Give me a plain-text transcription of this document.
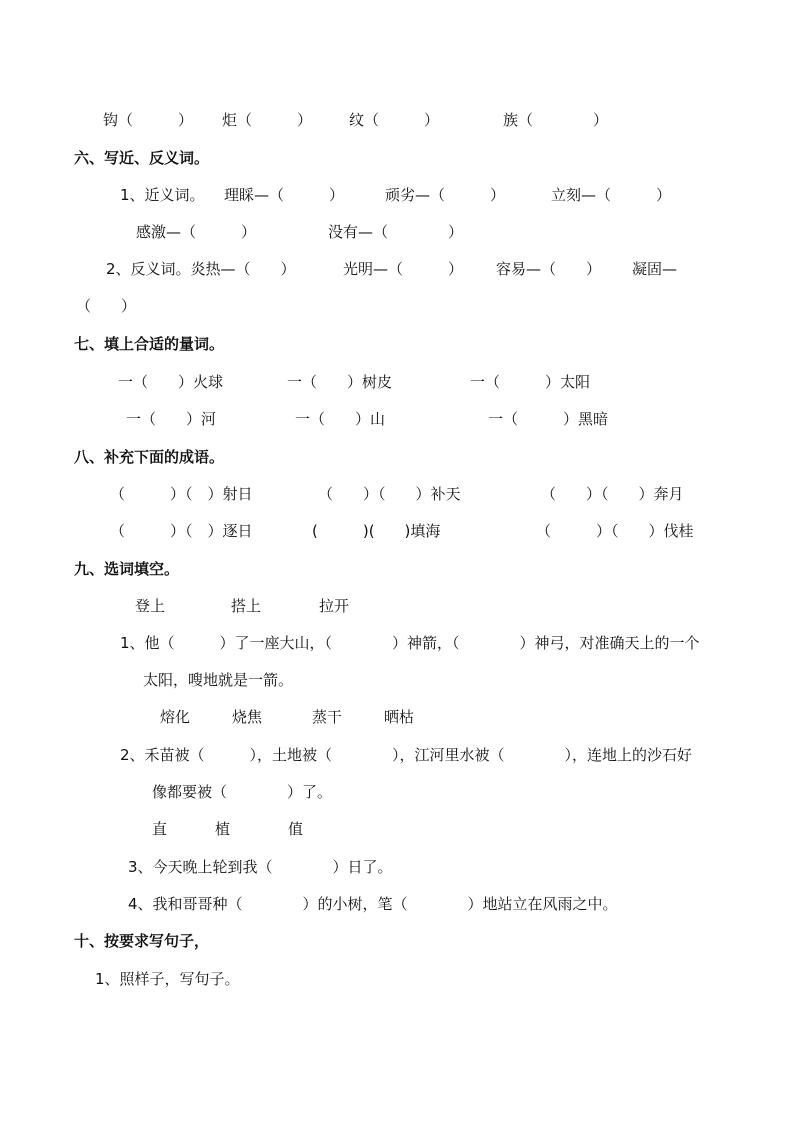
钩（　　　）

炬（　　　）

纹（　　　）

	族（　　　　）

六、写近、反义词。

1、近义词。

理睬—（　　　）

	顽劣—（　　　）

	立刻—（　　　）

感激—（　　　）

	没有—（　　　　）

2、反义词。炎热—（　　）

	光明—（　　　）

容易—（　　）

凝固—

（　　）

七、填上合适的量词。

一（　　）火球

	一（　　）树皮

	一（　　　）太阳

一（　　）河

	一（　　）山

	一（　　　）黑暗

八、补充下面的成语。

（　　　）（　）射日

	（　　）（　　）补天

	（　　）（　　）奔月

（　　　）（　）逐日

	(　　　)(　　)填海

	（　　　）（　　）伐桂

九、选词填空。

登上

	搭上

	拉开

1、他（　　　）了一座大山，（　　　　）神箭，（　　　　）神弓，对准确天上的一个

太阳，嗖地就是一箭。

熔化

	烧焦

	蒸干

	晒枯

2、禾苗被（　　　），土地被（　　　　），江河里水被（　　　　），连地上的沙石好

像都要被（　　　　）了。

直

	植

	值

3、今天晚上轮到我（　　　　）日了。

4、我和哥哥种（　　　　）的小树，笔（　　　　）地站立在风雨之中。

十、按要求写句子，

1、照样子，写句子。
